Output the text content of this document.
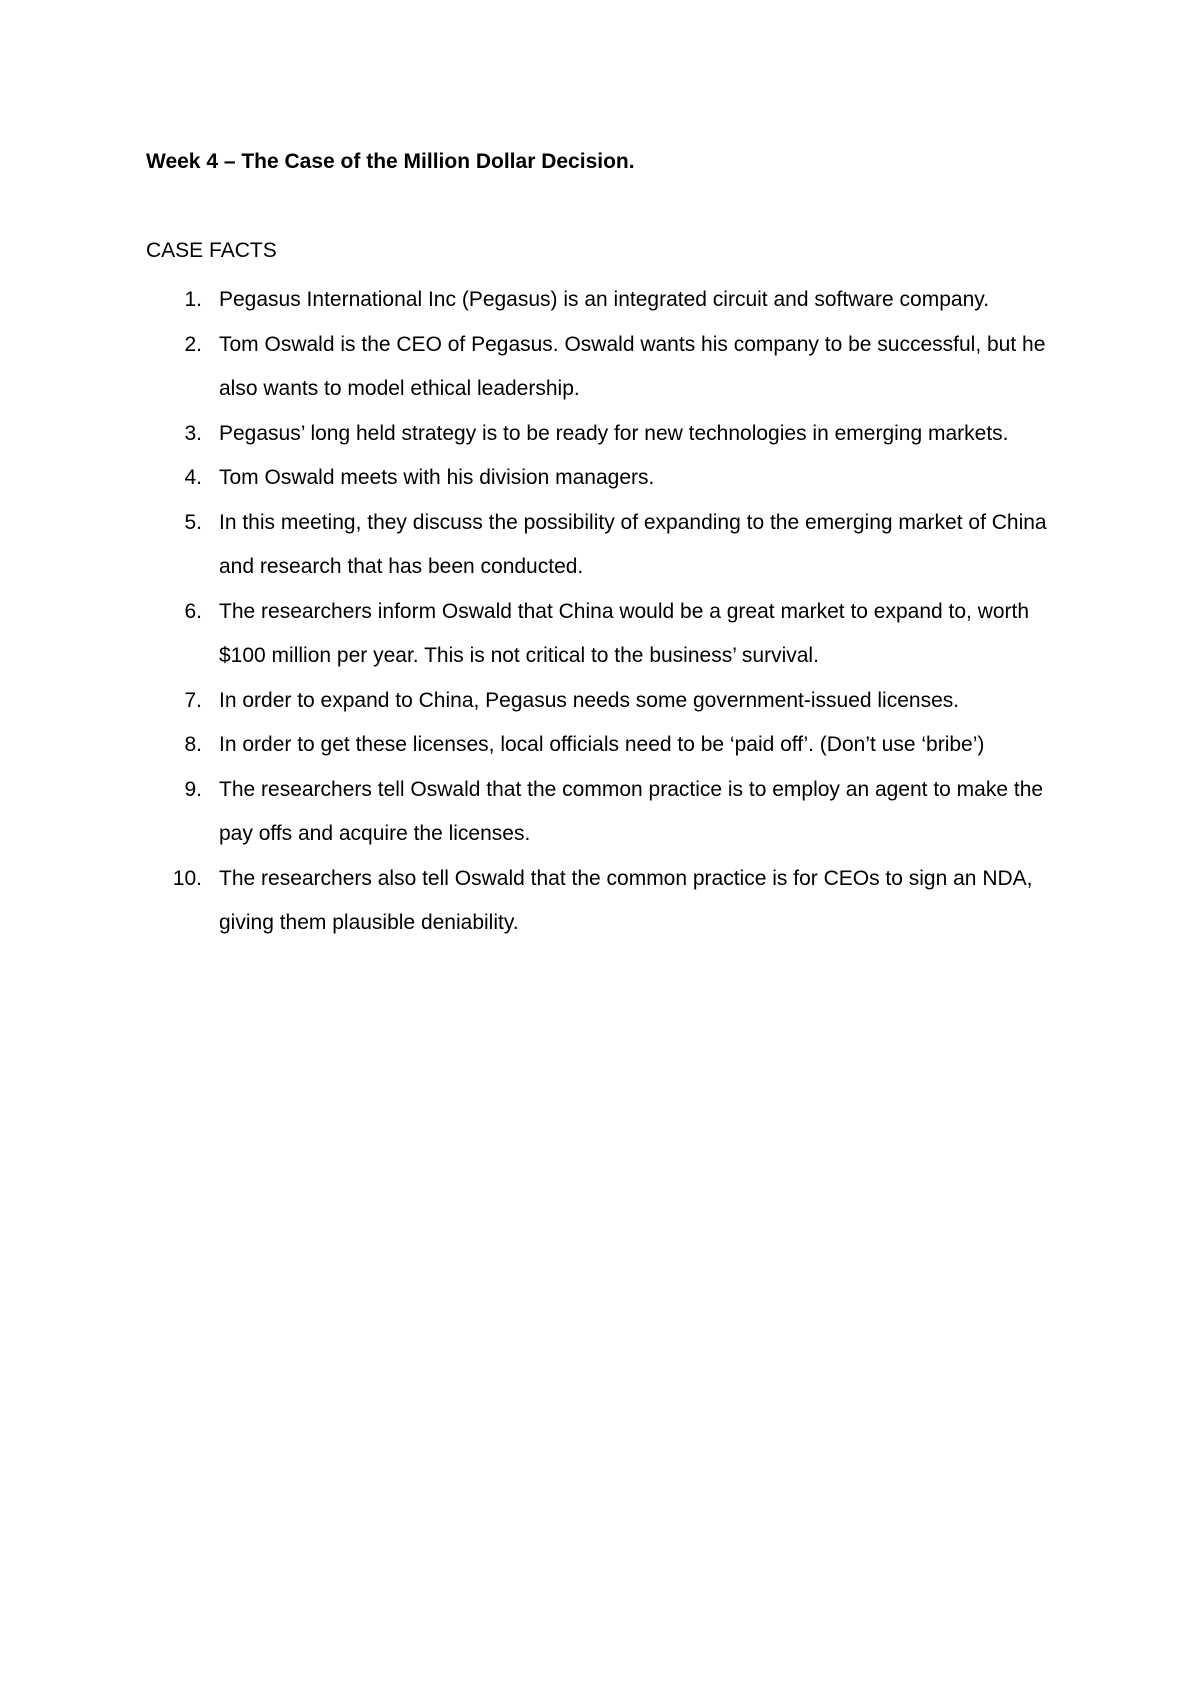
Week 4 – The Case of the Million Dollar Decision.
CASE FACTS
1. Pegasus International Inc (Pegasus) is an integrated circuit and software company.
2. Tom Oswald is the CEO of Pegasus. Oswald wants his company to be successful, but he also wants to model ethical leadership.
3. Pegasus’ long held strategy is to be ready for new technologies in emerging markets.
4. Tom Oswald meets with his division managers.
5. In this meeting, they discuss the possibility of expanding to the emerging market of China and research that has been conducted.
6. The researchers inform Oswald that China would be a great market to expand to, worth $100 million per year. This is not critical to the business’ survival.
7. In order to expand to China, Pegasus needs some government-issued licenses.
8. In order to get these licenses, local officials need to be ‘paid off’. (Don’t use ‘bribe’)
9. The researchers tell Oswald that the common practice is to employ an agent to make the pay offs and acquire the licenses.
10. The researchers also tell Oswald that the common practice is for CEOs to sign an NDA, giving them plausible deniability.
